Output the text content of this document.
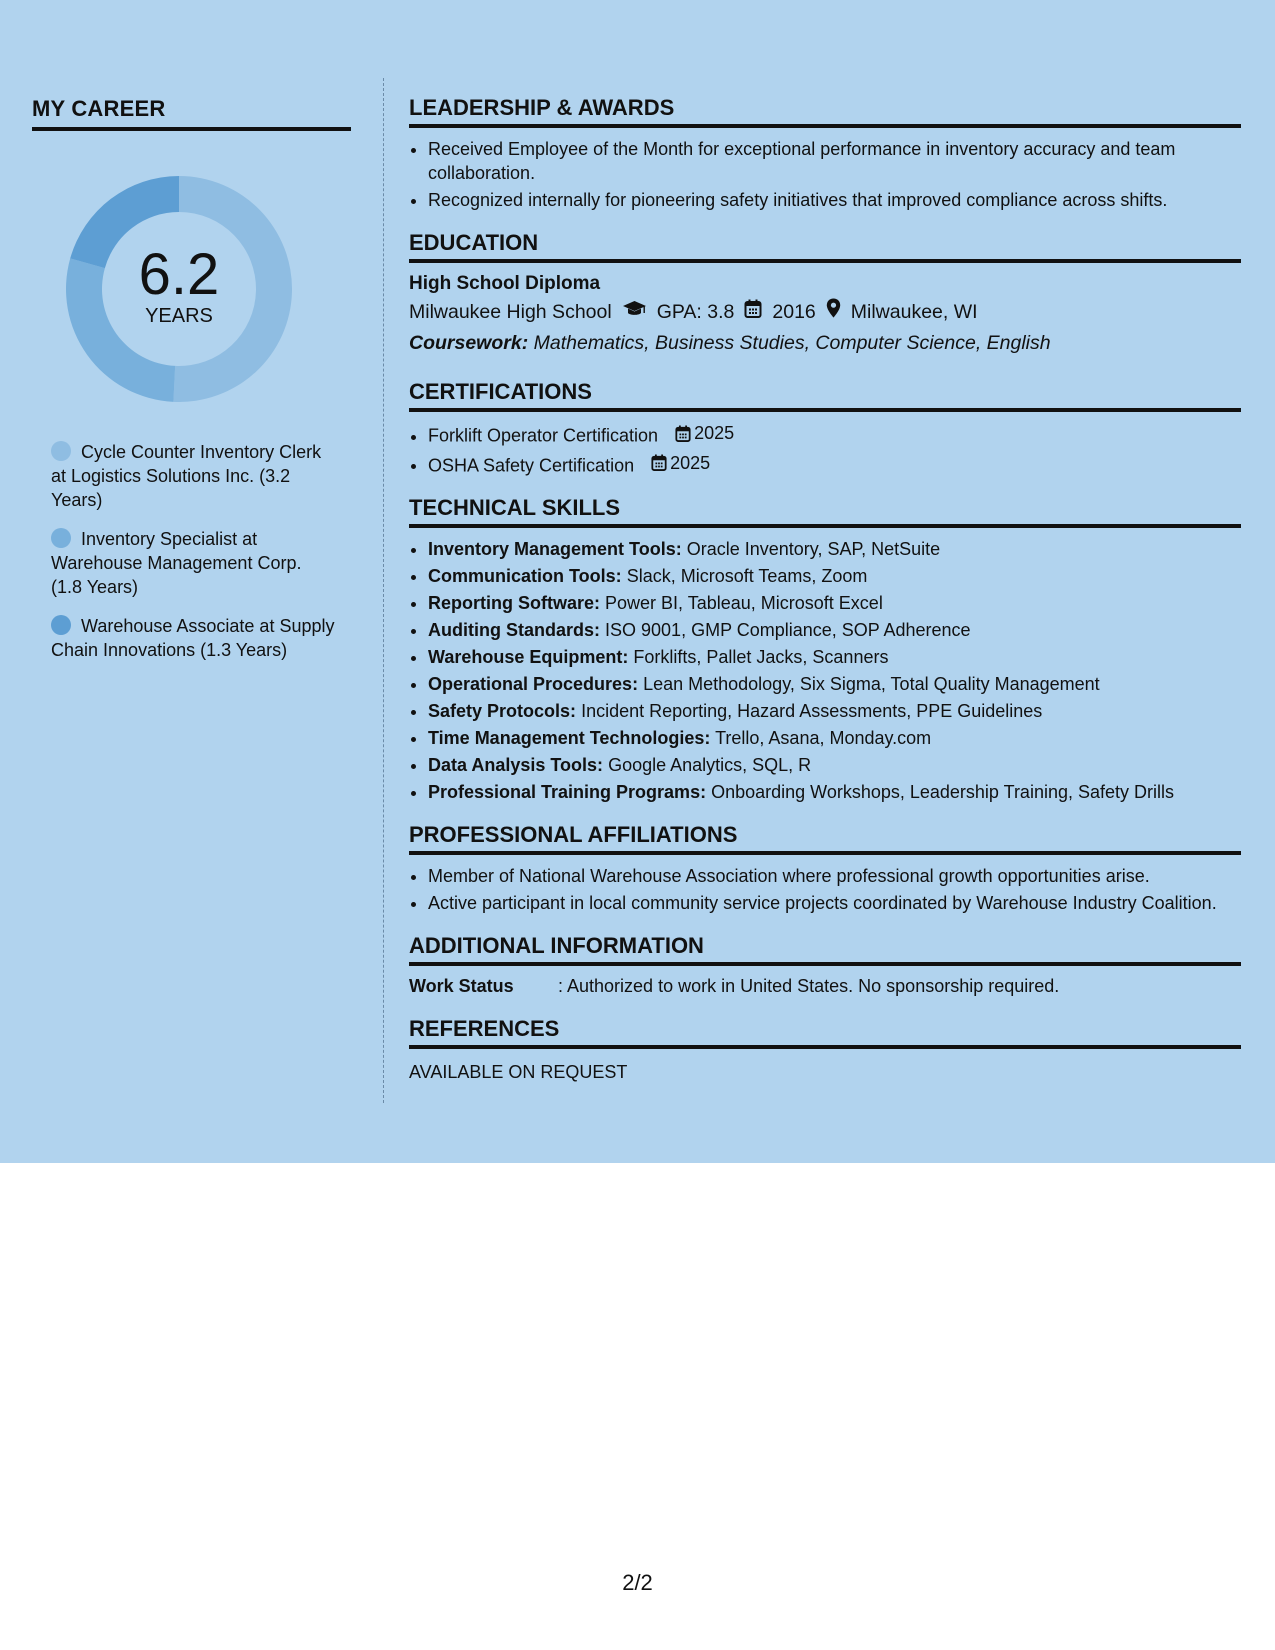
MY CAREER
6.2
YEARS
Cycle Counter Inventory Clerk at Logistics Solutions Inc. (3.2 Years)
Inventory Specialist at Warehouse Management Corp. (1.8 Years)
Warehouse Associate at Supply Chain Innovations (1.3 Years)
LEADERSHIP & AWARDS
• Received Employee of the Month for exceptional performance in inventory accuracy and team collaboration.
• Recognized internally for pioneering safety initiatives that improved compliance across shifts.
EDUCATION
High School Diploma
Milwaukee High School GPA: 3.8 2016 Milwaukee, WI
Coursework: Mathematics, Business Studies, Computer Science, English
CERTIFICATIONS
• Forklift Operator Certification 2025
• OSHA Safety Certification 2025
TECHNICAL SKILLS
• Inventory Management Tools: Oracle Inventory, SAP, NetSuite
• Communication Tools: Slack, Microsoft Teams, Zoom
• Reporting Software: Power BI, Tableau, Microsoft Excel
• Auditing Standards: ISO 9001, GMP Compliance, SOP Adherence
• Warehouse Equipment: Forklifts, Pallet Jacks, Scanners
• Operational Procedures: Lean Methodology, Six Sigma, Total Quality Management
• Safety Protocols: Incident Reporting, Hazard Assessments, PPE Guidelines
• Time Management Technologies: Trello, Asana, Monday.com
• Data Analysis Tools: Google Analytics, SQL, R
• Professional Training Programs: Onboarding Workshops, Leadership Training, Safety Drills
PROFESSIONAL AFFILIATIONS
• Member of National Warehouse Association where professional growth opportunities arise.
• Active participant in local community service projects coordinated by Warehouse Industry Coalition.
ADDITIONAL INFORMATION
Work Status	: Authorized to work in United States. No sponsorship required.
REFERENCES
AVAILABLE ON REQUEST
2/2
